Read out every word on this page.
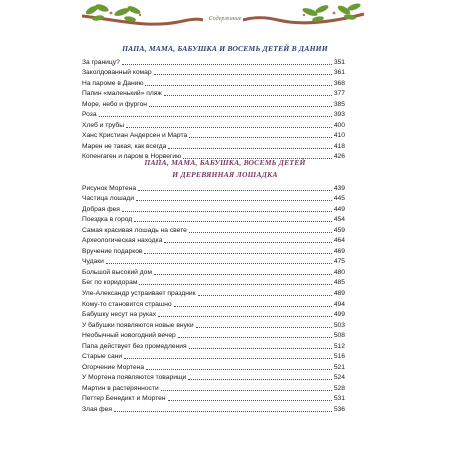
Содержание
ПАПА, МАМА, БАБУШКА И ВОСЕМЬ ДЕТЕЙ В ДАНИИ
За границу?	351
Заколдованный комар	361
На пароме в Данию	368
Папин «маленький» пляж	377
Море, небо и фургон	385
Роза	393
Хлеб и трубы	400
Ханс Кристиан Андерсен и Марта	410
Марен не такая, как всегда	418
Копенгаген и паром в Норвегию	426
ПАПА, МАМА, БАБУШКА, ВОСЕМЬ ДЕТЕЙ
И ДЕРЕВЯННАЯ ЛОШАДКА
Рисунок Мортена	439
Частица лошади	445
Добрая фея	449
Поездка в город	454
Самая красивая лошадь на свете	459
Археологическая находка	464
Вручение подарков	469
Чудаки	475
Большой высокий дом	480
Бег по коридорам	485
Уле-Александр устраивает праздник	489
Кому-то становится страшно	494
Бабушку несут на руках	499
У бабушки появляются новые внуки	503
Необычный новогодний вечер	508
Папа действует без промедления	512
Старые сани	516
Огорчение Мортена	521
У Мортена появляются товарищи	524
Мартин в растерянности	528
Петтер Бенедикт и Мортен	531
Злая фея	536
